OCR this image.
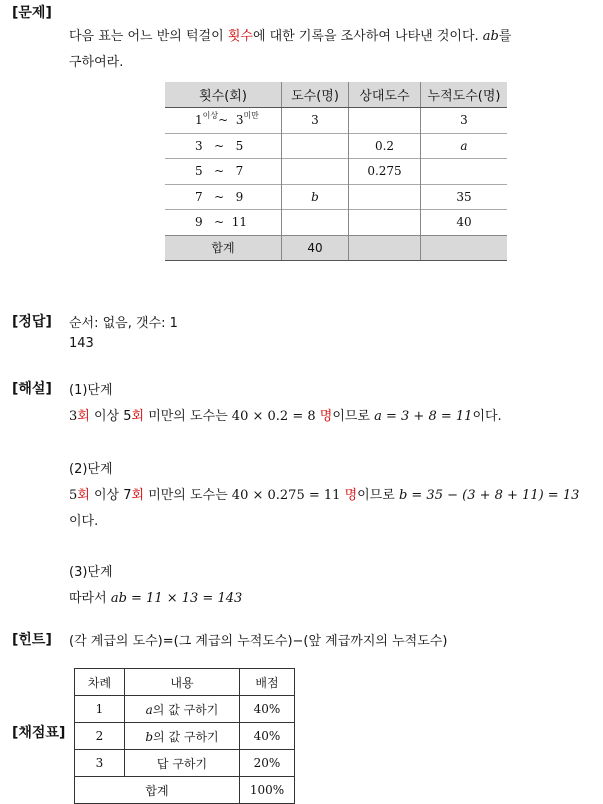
[ 문제 ]
다음 표는 어느 반의 턱걸이 횟수에 대한 기록을 조사하여 나타낸 것이다. ab를
구하여라.
횟수(회)	도수(명)	상대도수	누적도수(명)
$1^{이상}\sim$ $3^{미만}$	3		3
3 ~ 5		0.2	a
5 ~ 7		0.275	
7 ~ 9	b		35
9 ~ 11			40
합계	40		
[ 정답 ]	순서: 없음, 갯수: 1
143
[ 해설 ]	(1)단계
3회 이상 5회 미만의 도수는 40 × 0.2 = 8 명이므로 a = 3 + 8 = 11이다.
(2)단계
5회 이상 7회 미만의 도수는 40 × 0.275 = 11 명이므로 b = 35 − (3 + 8 + 11) = 13
이다.
(3)단계
따라서 ab = 11 × 13 = 143
[ 힌트 ]	(각 계급의 도수)=(그 계급의 누적도수)−(앞 계급까지의 누적도수)
[ 채점표 ]
차례	내용	배점
1	a의 값 구하기	40%
2	b의 값 구하기	40%
3	답 구하기	20%
합계		100%
